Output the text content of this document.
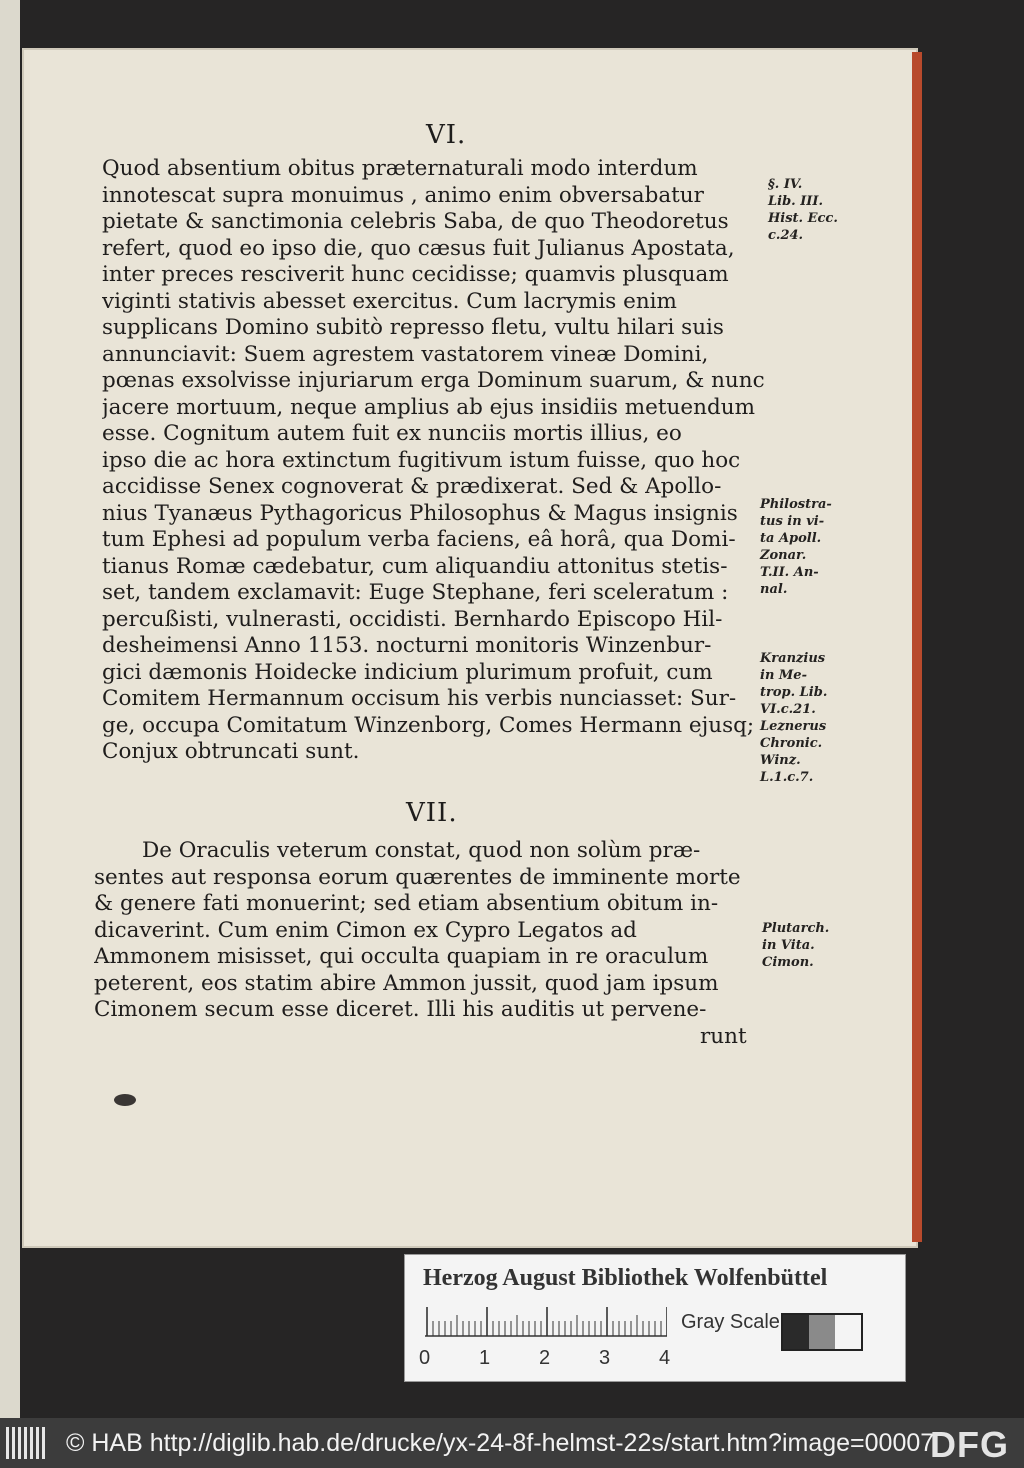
VI.
Quod absentium obitus præternaturali modo interdum
innotescat supra monuimus , animo enim obversabatur
pietate & sanctimonia celebris Saba, de quo Theodoretus
refert, quod eo ipso die, quo cæsus fuit Julianus Apostata,
inter preces resciverit hunc cecidisse; quamvis plusquam
viginti stativis abesset exercitus. Cum lacrymis enim
supplicans Domino subitò represso fletu, vultu hilari suis
annunciavit: Suem agrestem vastatorem vineæ Domini,
pœnas exsolvisse injuriarum erga Dominum suarum, & nunc
jacere mortuum, neque amplius ab ejus insidiis metuendum
esse. Cognitum autem fuit ex nunciis mortis illius, eo
ipso die ac hora extinctum fugitivum istum fuisse, quo hoc
accidisse Senex cognoverat & prædixerat. Sed & Apollo-
nius Tyanæus Pythagoricus Philosophus & Magus insignis
tum Ephesi ad populum verba faciens, eâ horâ, qua Domi-
tianus Romæ cædebatur, cum aliquandiu attonitus stetis-
set, tandem exclamavit: Euge Stephane, feri sceleratum :
percußisti, vulnerasti, occidisti. Bernhardo Episcopo Hil-
desheimensi Anno 1153. nocturni monitoris Winzenbur-
gici dæmonis Hoidecke indicium plurimum profuit, cum
Comitem Hermannum occisum his verbis nunciasset: Sur-
ge, occupa Comitatum Winzenborg, Comes Hermann ejusq;
Conjux obtruncati sunt.
VII.
De Oraculis veterum constat, quod non solùm præ-
sentes aut responsa eorum quærentes de imminente morte
& genere fati monuerint; sed etiam absentium obitum in-
dicaverint. Cum enim Cimon ex Cypro Legatos ad
Ammonem misisset, qui occulta quapiam in re oraculum
peterent, eos statim abire Ammon jussit, quod jam ipsum
Cimonem secum esse diceret. Illi his auditis ut pervene-
runt
§. IV.
Lib. III.
Hist. Ecc.
c.24.
Philostra-
tus in vi-
ta Apoll.
Zonar.
T.II. An-
nal.
Kranzius
in Me-
trop. Lib.
VI.c.21.
Leznerus
Chronic.
Winz.
L.1.c.7.
Plutarch.
in Vita.
Cimon.
Herzog August Bibliothek Wolfenbüttel
0 1 2 3 4
Gray Scale
© HAB http://diglib.hab.de/drucke/yx-24-8f-helmst-22s/start.htm?image=00007
DFG
